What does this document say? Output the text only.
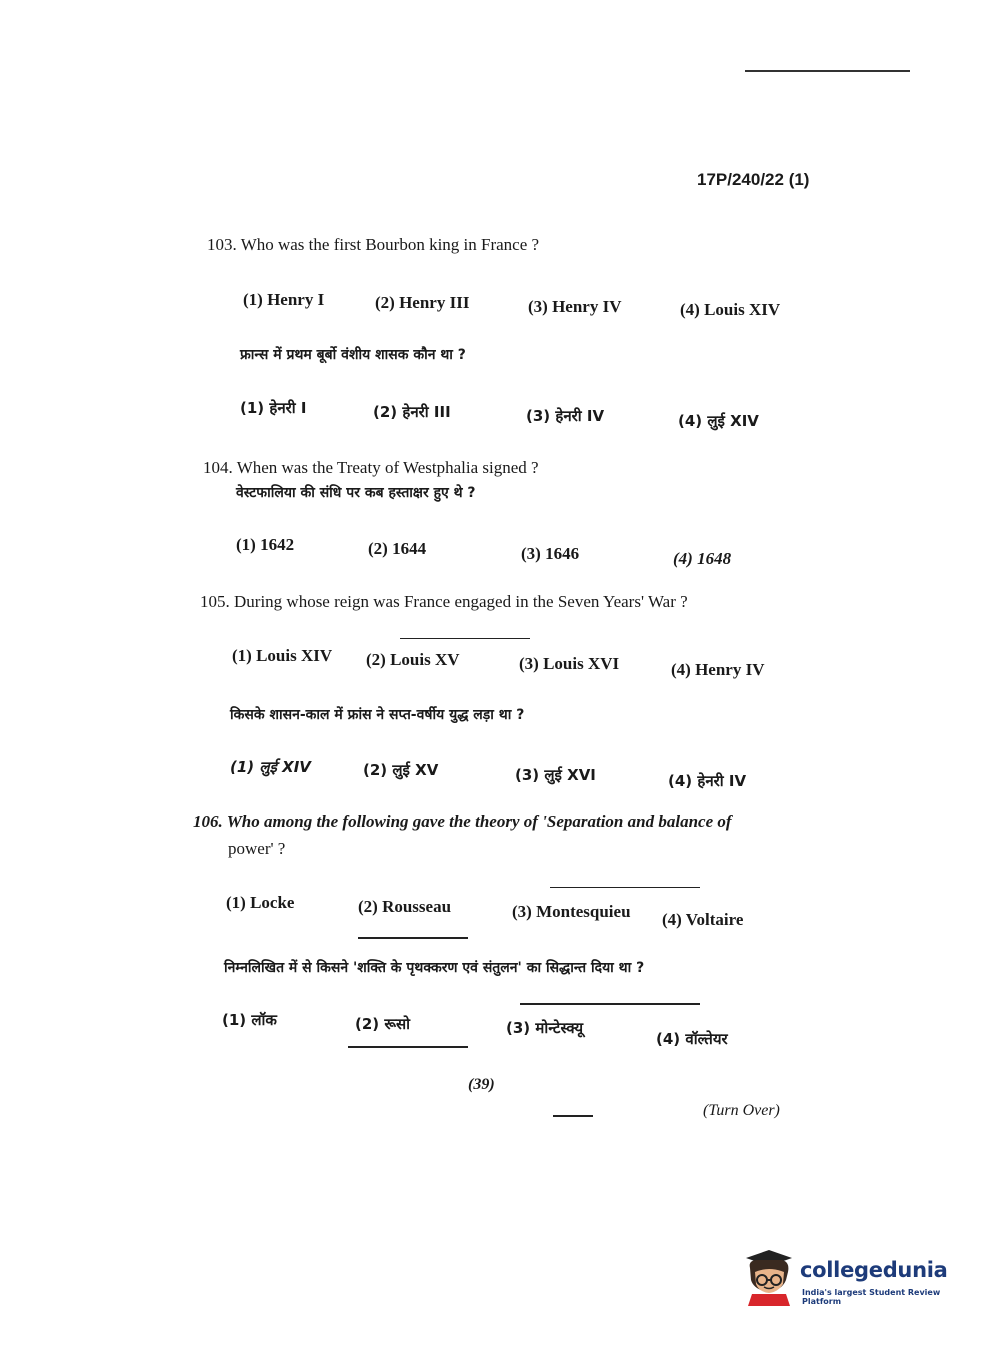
17P/240/22 (1)
103. Who was the first Bourbon king in France ?
(1) Henry I	(2) Henry III	(3) Henry IV	(4) Louis XIV
फ्रान्स में प्रथम बूर्बो वंशीय शासक कौन था ?
(1) हेनरी I	(2) हेनरी III	(3) हेनरी IV	(4) लुई XIV
104. When was the Treaty of Westphalia signed ?
वेस्टफालिया की संधि पर कब हस्ताक्षर हुए थे ?
(1) 1642	(2) 1644	(3) 1646	(4) 1648
105. During whose reign was France engaged in the Seven Years' War ?
(1) Louis XIV (2) Louis XV	(3) Louis XVI	(4) Henry IV
किसके शासन-काल में फ्रांस ने सप्त-वर्षीय युद्ध लड़ा था ?
(1) लुई XIV	(2) लुई XV	(3) लुई XVI	(4) हेनरी IV
106. Who among the following gave the theory of 'Separation and balance of
power' ?
(1) Locke	(2) Rousseau	(3) Montesquieu (4) Voltaire
निम्नलिखित में से किसने 'शक्ति के पृथक्करण एवं संतुलन' का सिद्धान्त दिया था ?
(1) लॉक	(2) रूसो	(3) मोन्टेस्क्यू
(4) वॉल्तेयर
(39)
(Turn Over)
collegedunia
India's largest Student Review Platform
